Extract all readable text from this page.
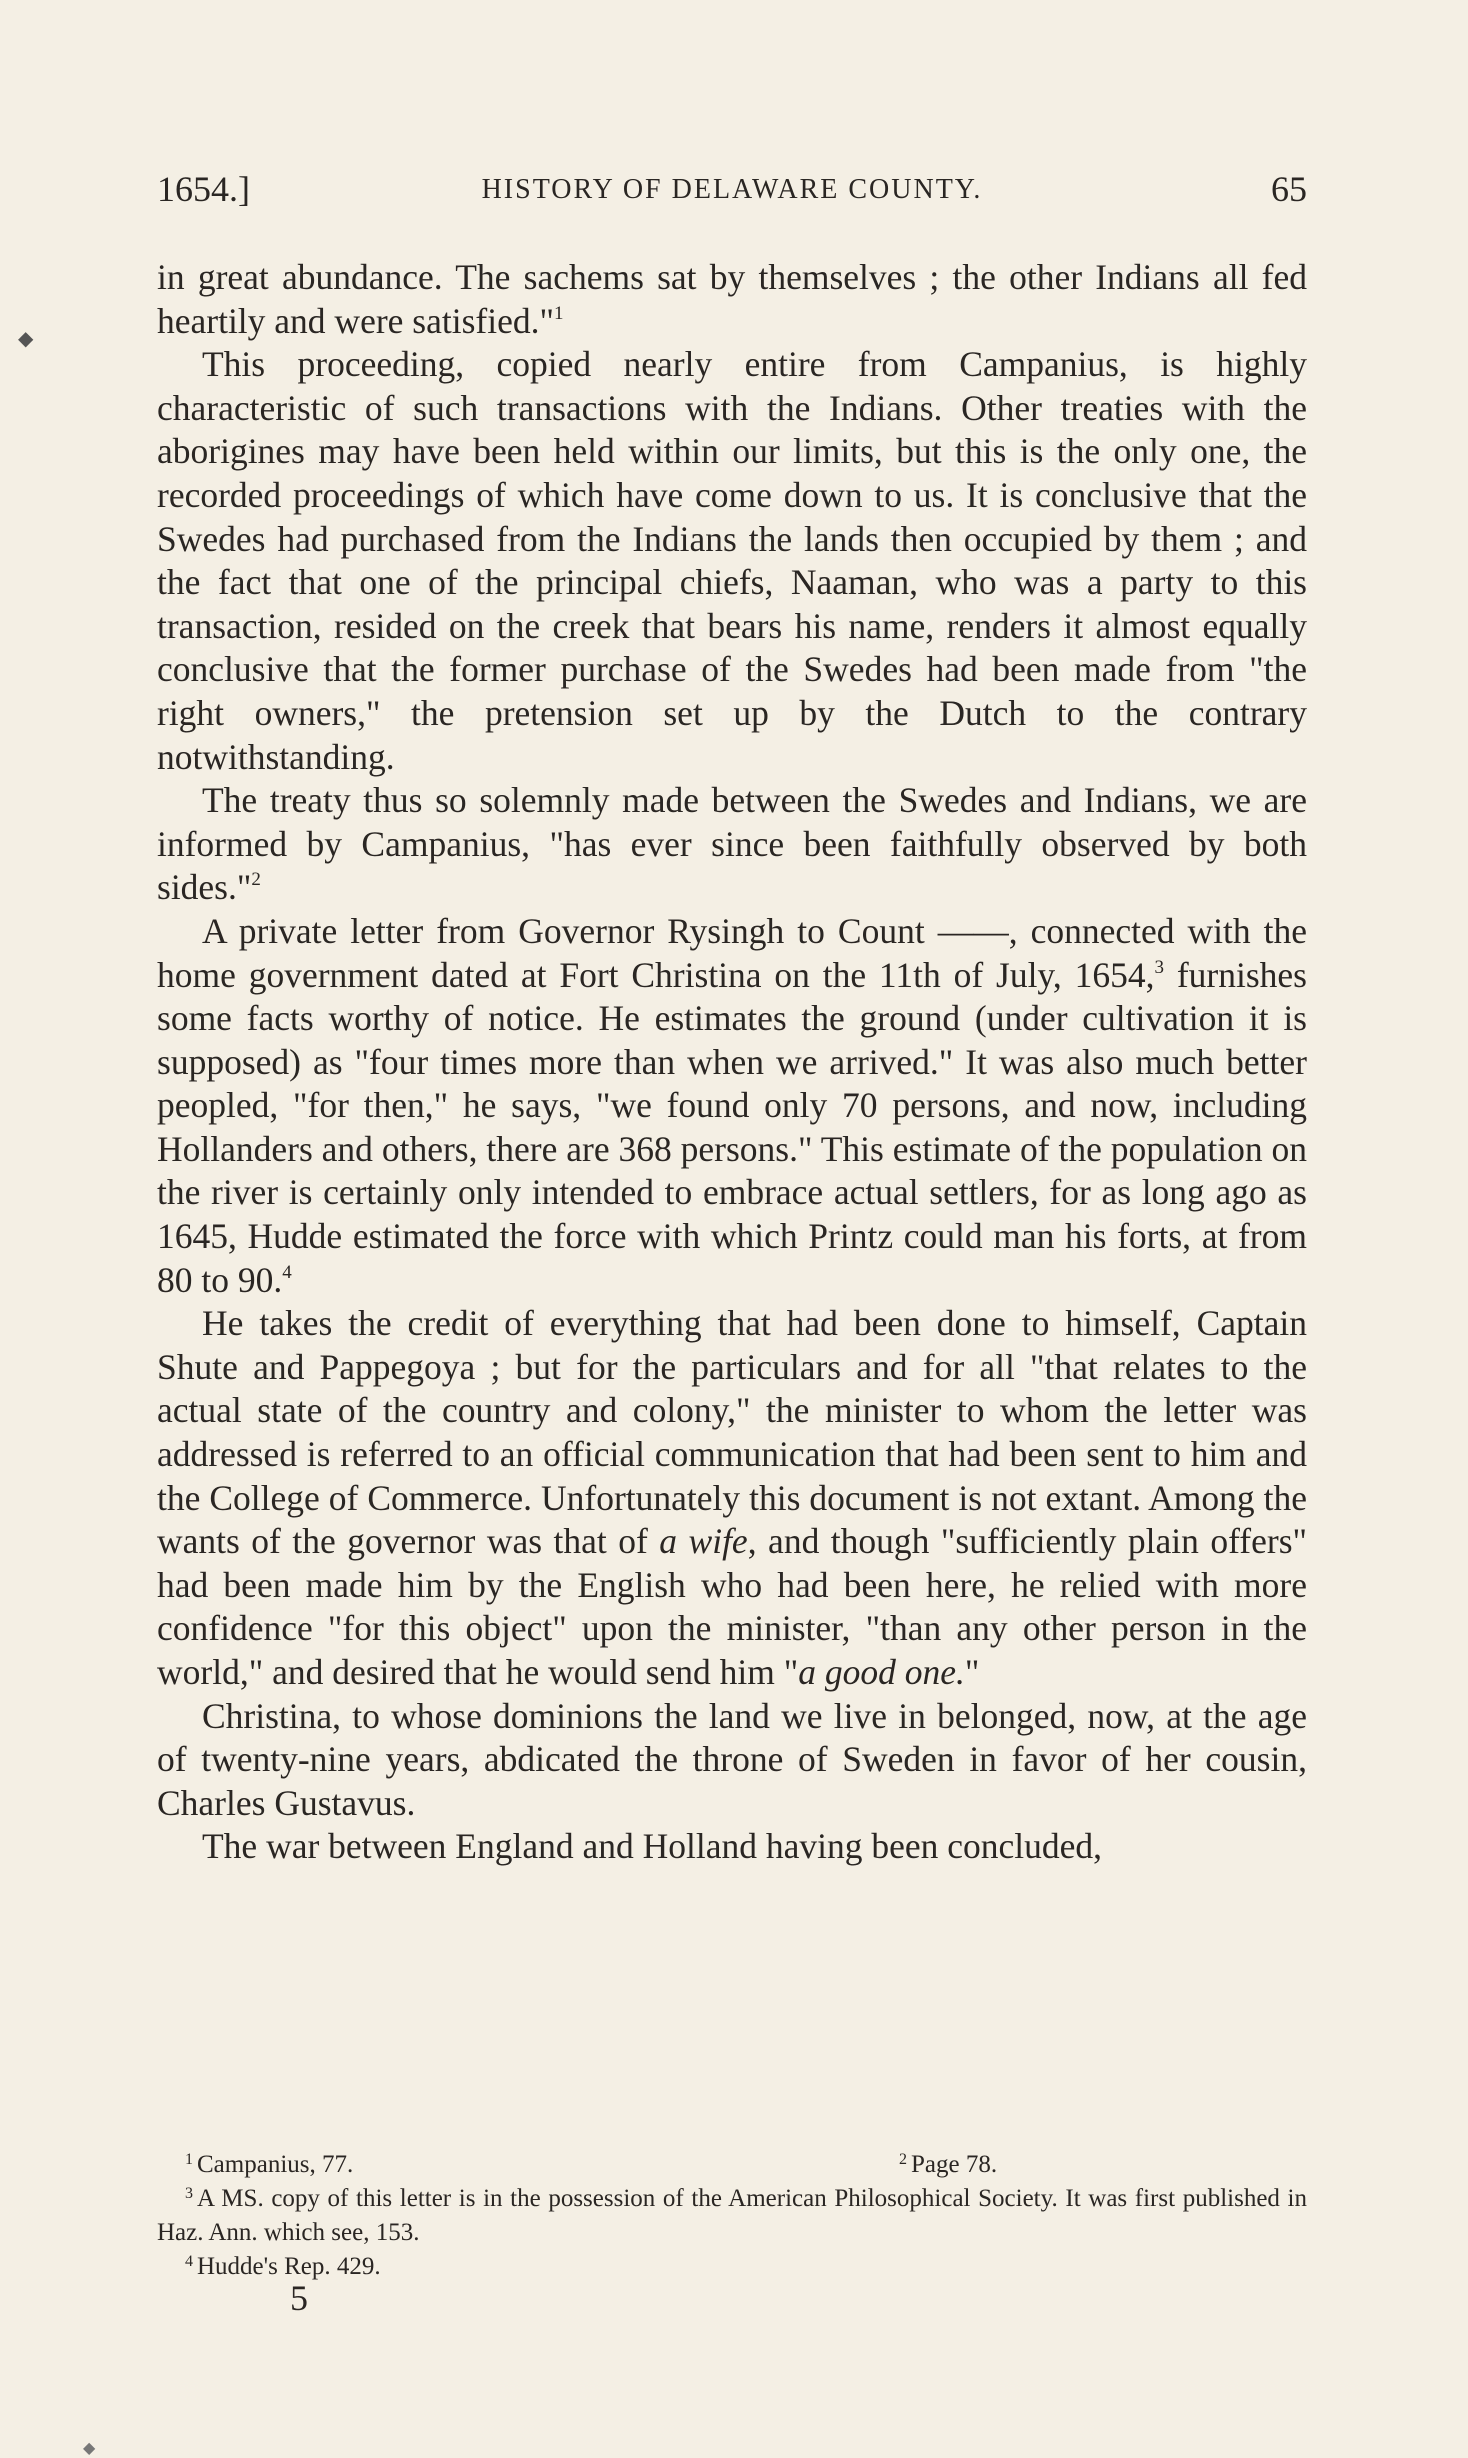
1654.]	HISTORY OF DELAWARE COUNTY.	65
◆

in great abundance. The sachems sat by themselves ; the other Indians all fed heartily and were satisfied."$^1$

This proceeding, copied nearly entire from Campanius, is highly characteristic of such transactions with the Indians. Other treaties with the aborigines may have been held within our limits, but this is the only one, the recorded proceedings of which have come down to us. It is conclusive that the Swedes had purchased from the Indians the lands then occupied by them ; and the fact that one of the principal chiefs, Naaman, who was a party to this transaction, resided on the creek that bears his name, renders it almost equally conclusive that the former purchase of the Swedes had been made from "the right owners," the pretension set up by the Dutch to the contrary notwithstanding.

The treaty thus so solemnly made between the Swedes and Indians, we are informed by Campanius, "has ever since been faithfully observed by both sides."$^2$

A private letter from Governor Rysingh to Count ——, connected with the home government dated at Fort Christina on the 11th of July, 1654,$^3$ furnishes some facts worthy of notice. He estimates the ground (under cultivation it is supposed) as "four times more than when we arrived." It was also much better peopled, "for then," he says, "we found only 70 persons, and now, including Hollanders and others, there are 368 persons." This estimate of the population on the river is certainly only intended to embrace actual settlers, for as long ago as 1645, Hudde estimated the force with which Printz could man his forts, at from 80 to 90.$^4$

He takes the credit of everything that had been done to himself, Captain Shute and Pappegoya ; but for the particulars and for all "that relates to the actual state of the country and colony," the minister to whom the letter was addressed is referred to an official communication that had been sent to him and the College of Commerce. Unfortunately this document is not extant. Among the wants of the governor was that of a wife, and though "sufficiently plain offers" had been made him by the English who had been here, he relied with more confidence "for this object" upon the minister, "than any other person in the world," and desired that he would send him "a good one."

Christina, to whose dominions the land we live in belonged, now, at the age of twenty-nine years, abdicated the throne of Sweden in favor of her cousin, Charles Gustavus.

The war between England and Holland having been concluded,

$^1$ Campanius, 77.	$^2$ Page 78.
$^3$ A MS. copy of this letter is in the possession of the American Philosophical Society. It was first published in Haz. Ann. which see, 153.
$^4$ Hudde's Rep. 429.
5
◆
